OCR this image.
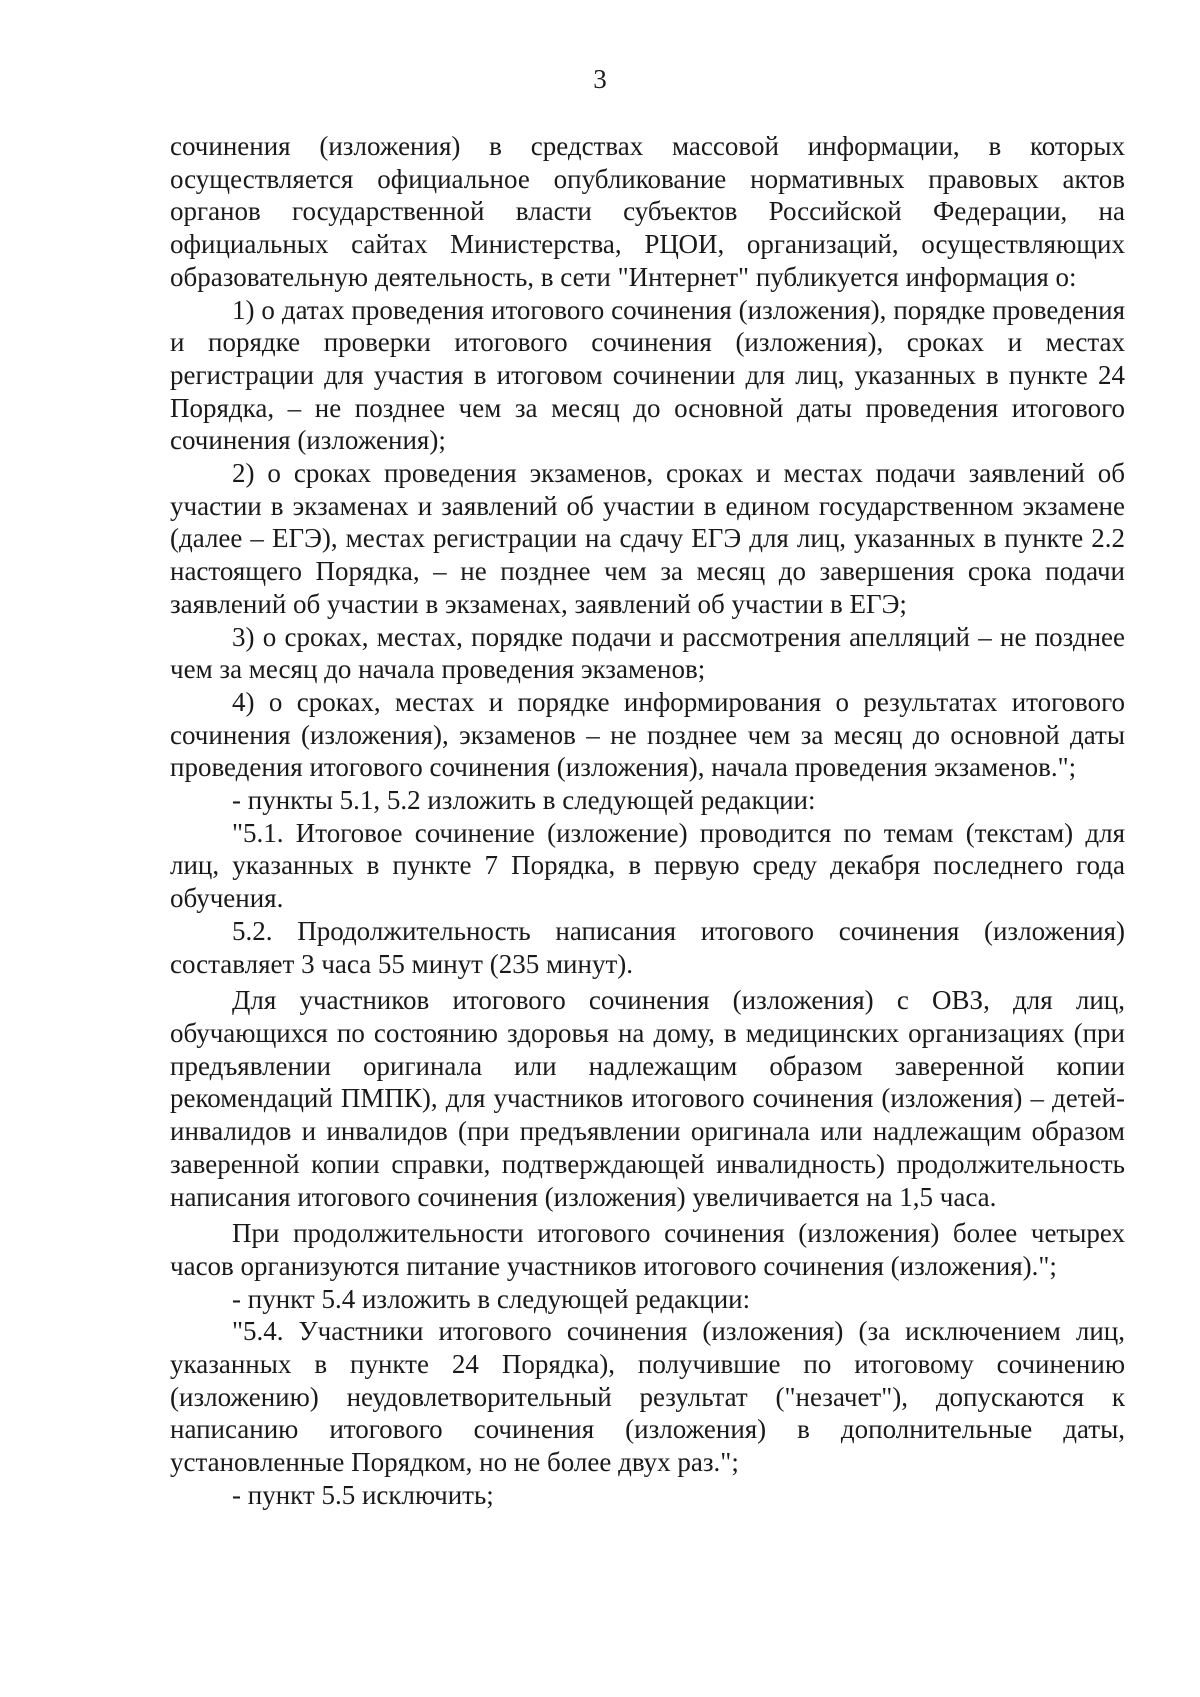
3

сочинения (изложения) в средствах массовой информации, в которых осуществляется официальное опубликование нормативных правовых актов органов государственной власти субъектов Российской Федерации, на официальных сайтах Министерства, РЦОИ, организаций, осуществляющих образовательную деятельность, в сети "Интернет" публикуется информация о:

1) о датах проведения итогового сочинения (изложения), порядке проведения и порядке проверки итогового сочинения (изложения), сроках и местах регистрации для участия в итоговом сочинении для лиц, указанных в пункте 24 Порядка, – не позднее чем за месяц до основной даты проведения итогового сочинения (изложения);

2) о сроках проведения экзаменов, сроках и местах подачи заявлений об участии в экзаменах и заявлений об участии в едином государственном экзамене (далее – ЕГЭ), местах регистрации на сдачу ЕГЭ для лиц, указанных в пункте 2.2 настоящего Порядка, – не позднее чем за месяц до завершения срока подачи заявлений об участии в экзаменах, заявлений об участии в ЕГЭ;

3) о сроках, местах, порядке подачи и рассмотрения апелляций – не позднее чем за месяц до начала проведения экзаменов;

4) о сроках, местах и порядке информирования о результатах итогового сочинения (изложения), экзаменов – не позднее чем за месяц до основной даты проведения итогового сочинения (изложения), начала проведения экзаменов.";

- пункты 5.1, 5.2 изложить в следующей редакции:

"5.1. Итоговое сочинение (изложение) проводится по темам (текстам) для лиц, указанных в пункте 7 Порядка, в первую среду декабря последнего года обучения.

5.2. Продолжительность написания итогового сочинения (изложения) составляет 3 часа 55 минут (235 минут).

Для участников итогового сочинения (изложения) с ОВЗ, для лиц, обучающихся по состоянию здоровья на дому, в медицинских организациях (при предъявлении оригинала или надлежащим образом заверенной копии рекомендаций ПМПК), для участников итогового сочинения (изложения) – детей-инвалидов и инвалидов (при предъявлении оригинала или надлежащим образом заверенной копии справки, подтверждающей инвалидность) продолжительность написания итогового сочинения (изложения) увеличивается на 1,5 часа.

При продолжительности итогового сочинения (изложения) более четырех часов организуются питание участников итогового сочинения (изложения).";

- пункт 5.4 изложить в следующей редакции:

"5.4. Участники итогового сочинения (изложения) (за исключением лиц, указанных в пункте 24 Порядка), получившие по итоговому сочинению (изложению) неудовлетворительный результат ("незачет"), допускаются к написанию итогового сочинения (изложения) в дополнительные даты, установленные Порядком, но не более двух раз.";

- пункт 5.5 исключить;
